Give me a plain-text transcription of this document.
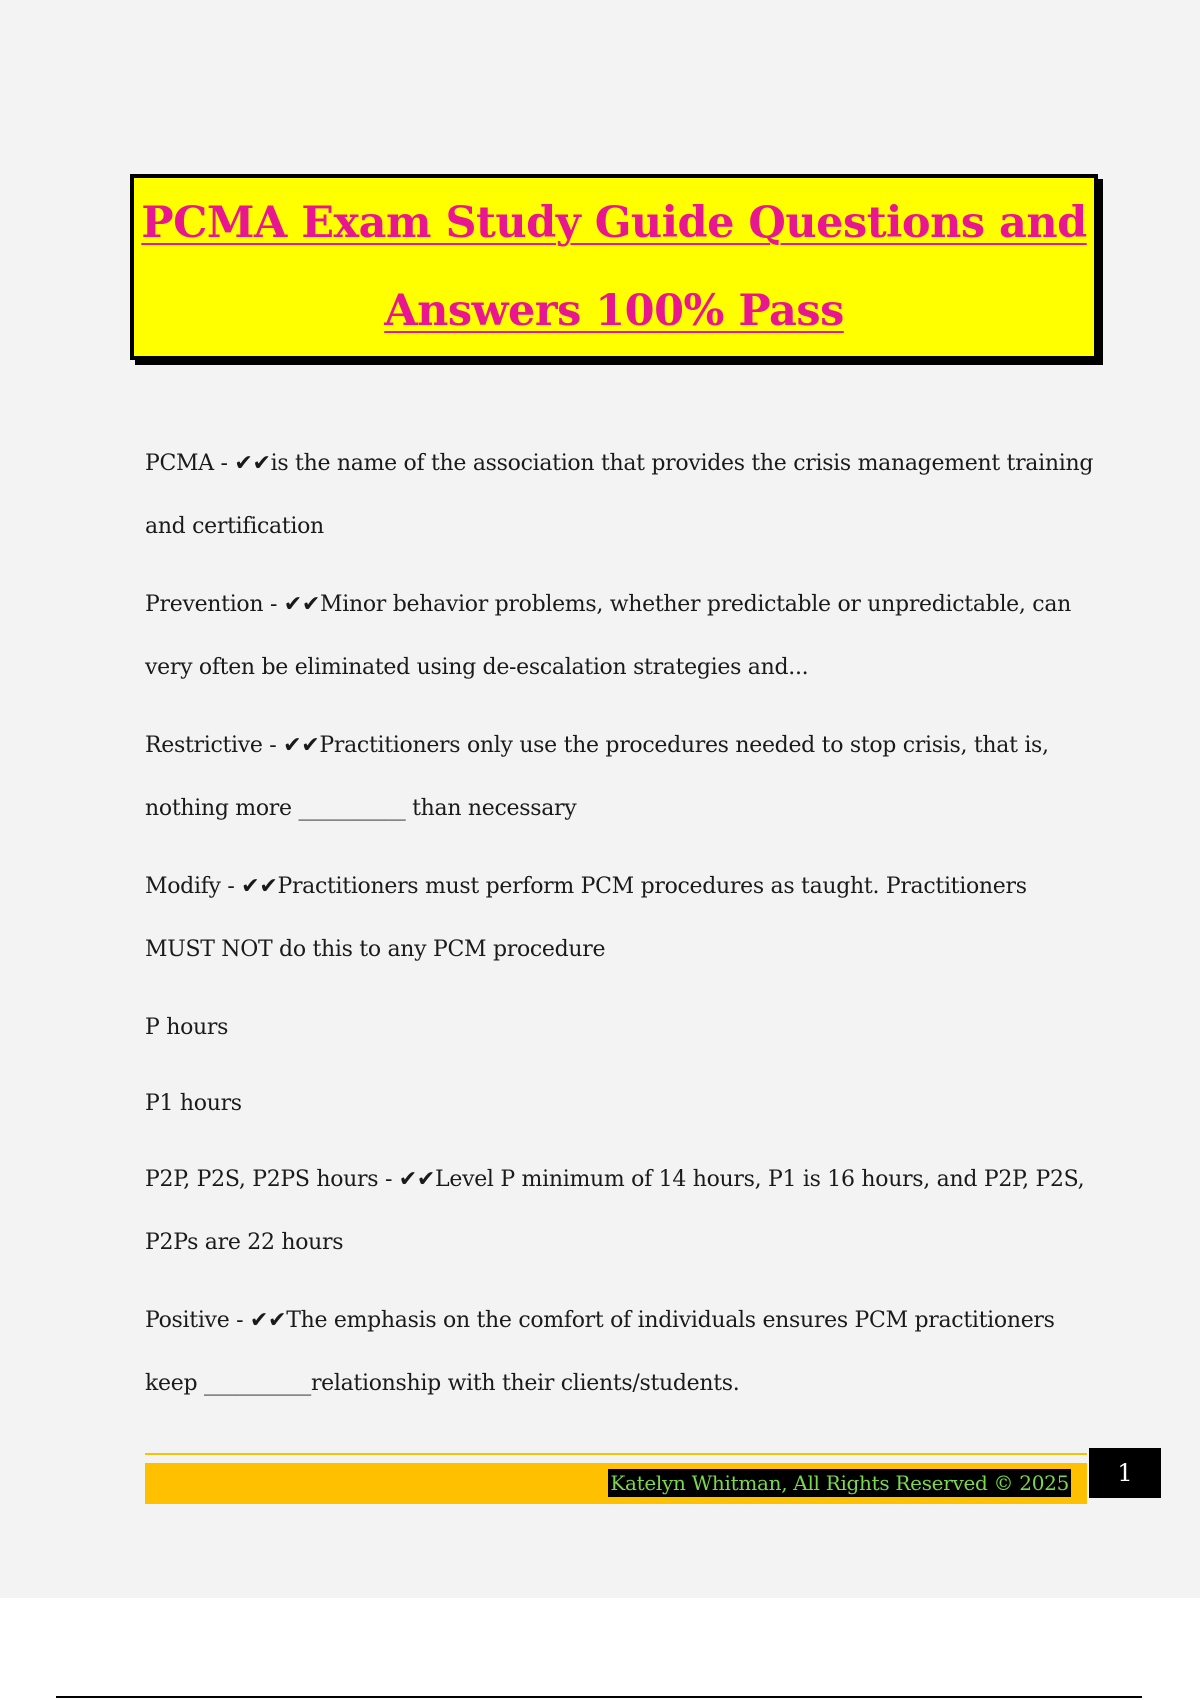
PCMA Exam Study Guide Questions and
Answers 100% Pass
PCMA - ✔✔is the name of the association that provides the crisis management training and certification
Prevention - ✔✔Minor behavior problems, whether predictable or unpredictable, can very often be eliminated using de-escalation strategies and...
Restrictive - ✔✔Practitioners only use the procedures needed to stop crisis, that is, nothing more __________ than necessary
Modify - ✔✔Practitioners must perform PCM procedures as taught. Practitioners MUST NOT do this to any PCM procedure
P hours
P1 hours
P2P, P2S, P2PS hours - ✔✔Level P minimum of 14 hours, P1 is 16 hours, and P2P, P2S, P2Ps are 22 hours
Positive - ✔✔The emphasis on the comfort of individuals ensures PCM practitioners keep __________relationship with their clients/students.
Katelyn Whitman, All Rights Reserved © 2025	1
